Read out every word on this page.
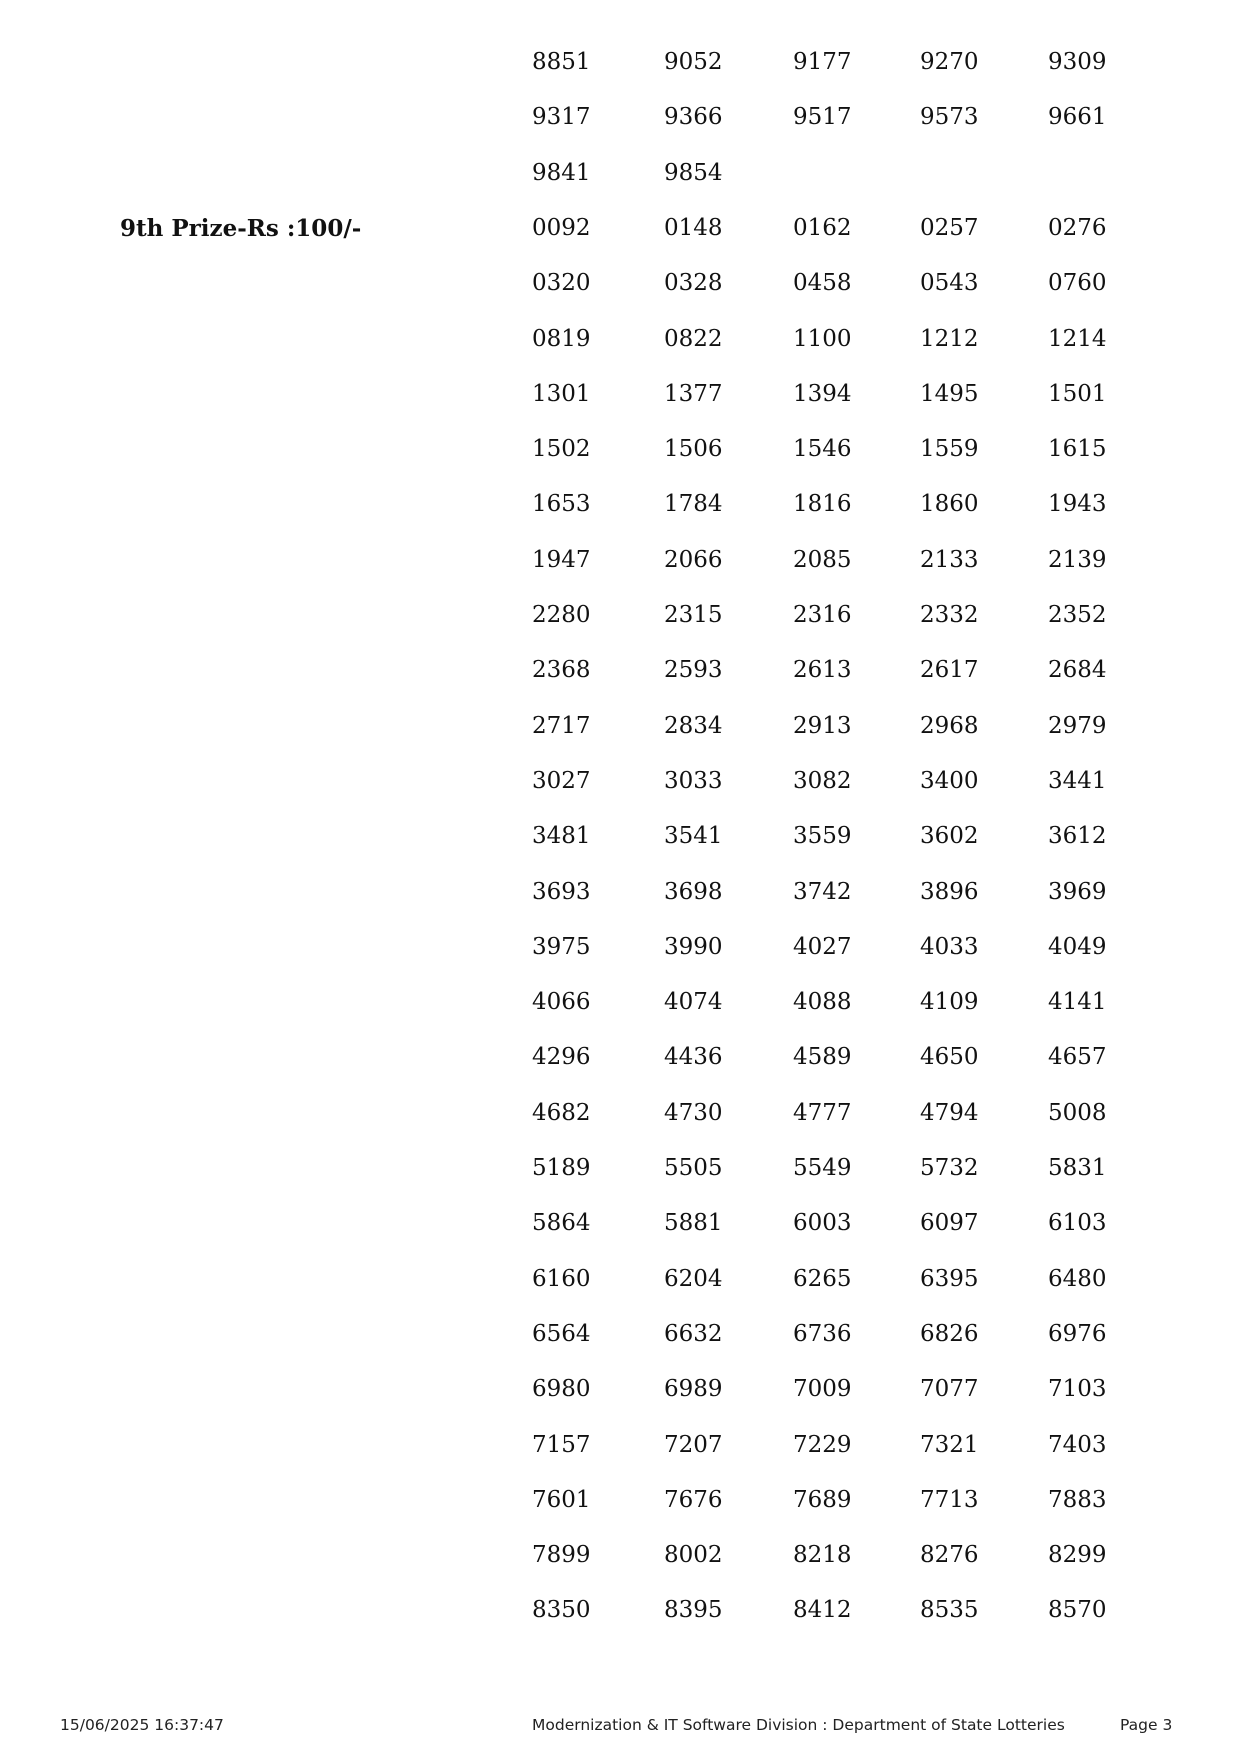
8851	9052	9177	9270	9309
9317	9366	9517	9573	9661
9841	9854
9th Prize-Rs :100/-	0092	0148	0162	0257	0276
0320	0328	0458	0543	0760
0819	0822	1100	1212	1214
1301	1377	1394	1495	1501
1502	1506	1546	1559	1615
1653	1784	1816	1860	1943
1947	2066	2085	2133	2139
2280	2315	2316	2332	2352
2368	2593	2613	2617	2684
2717	2834	2913	2968	2979
3027	3033	3082	3400	3441
3481	3541	3559	3602	3612
3693	3698	3742	3896	3969
3975	3990	4027	4033	4049
4066	4074	4088	4109	4141
4296	4436	4589	4650	4657
4682	4730	4777	4794	5008
5189	5505	5549	5732	5831
5864	5881	6003	6097	6103
6160	6204	6265	6395	6480
6564	6632	6736	6826	6976
6980	6989	7009	7077	7103
7157	7207	7229	7321	7403
7601	7676	7689	7713	7883
7899	8002	8218	8276	8299
8350	8395	8412	8535	8570
15/06/2025 16:37:47	Modernization & IT Software Division : Department of State Lotteries	Page 3
